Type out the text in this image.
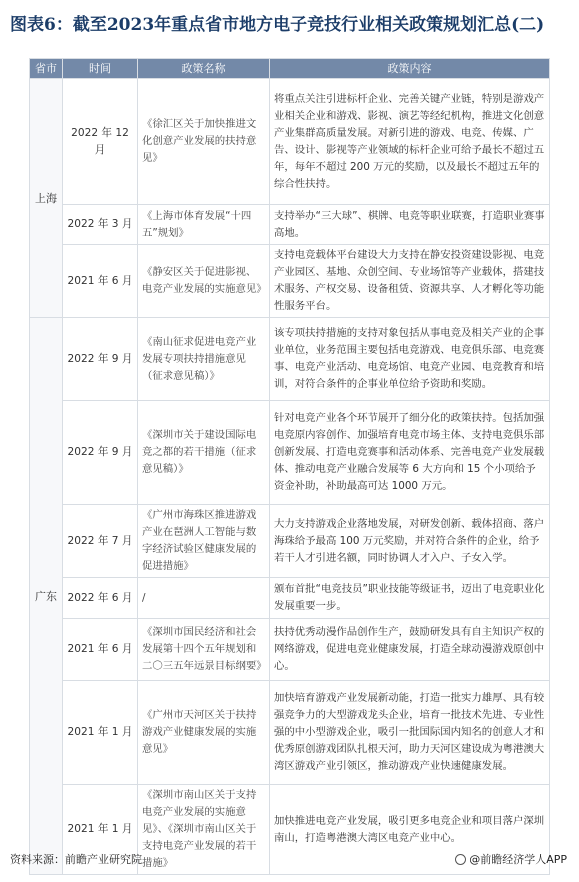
图表6：截至2023年重点省市地方电子竞技行业相关政策规划汇总(二)
省市	时间	政策名称	政策内容
上海	2022 年 12 月	《徐汇区关于加快推进文化创意产业发展的扶持意见》	将重点关注引进标杆企业、完善关键产业链，特别是游戏产业相关企业和游戏、影视、演艺等经纪机构，推进文化创意产业集群高质量发展。对新引进的游戏、电竞、传媒、广告、设计、影视等产业领域的标杆企业可给予最长不超过五年，每年不超过 200 万元的奖励，以及最长不超过五年的综合性扶持。
	2022 年 3 月	《上海市体育发展“十四五”规划》	支持举办“三大球”、棋牌、电竞等职业联赛，打造职业赛事高地。
	2021 年 6 月	《静安区关于促进影视、电竞产业发展的实施意见》	支持电竞载体平台建设大力支持在静安投资建设影视、电竞产业园区、基地、众创空间、专业场馆等产业载体，搭建技术服务、产权交易、设备租赁、资源共享、人才孵化等功能性服务平台。
广东	2022 年 9 月	《南山征求促进电竞产业发展专项扶持措施意见（征求意见稿）》	该专项扶持措施的支持对象包括从事电竞及相关产业的企事业单位，业务范围主要包括电竞游戏、电竞俱乐部、电竞赛事、电竞产业活动、电竞场馆、电竞产业园、电竞教育和培训，对符合条件的企事业单位给予资助和奖励。
	2022 年 9 月	《深圳市关于建设国际电竞之都的若干措施（征求意见稿）》	针对电竞产业各个环节展开了细分化的政策扶持。包括加强电竞原内容创作、加强培育电竞市场主体、支持电竞俱乐部创新发展、打造电竞赛事和活动体系、完善电竞产业发展载体、推动电竞产业融合发展等 6 大方向和 15 个小项给予资金补助，补助最高可达 1000 万元。
	2022 年 7 月	《广州市海珠区推进游戏产业在琶洲人工智能与数字经济试验区健康发展的促进措施》	大力支持游戏企业落地发展，对研发创新、载体招商、落户海珠给予最高 100 万元奖励，并对符合条件的企业，给予若干人才引进名额，同时协调人才入户、子女入学。
	2022 年 6 月	/	颁布首批“电竞技员”职业技能等级证书，迈出了电竞职业化发展重要一步。
	2021 年 6 月	《深圳市国民经济和社会发展第十四个五年规划和二〇三五年远景目标纲要》	扶持优秀动漫作品创作生产，鼓励研发具有自主知识产权的网络游戏，促进电竞业健康发展，打造全球动漫游戏原创中心。
	2021 年 1 月	《广州市天河区关于扶持游戏产业健康发展的实施意见》	加快培育游戏产业发展新动能，打造一批实力雄厚、具有较强竞争力的大型游戏龙头企业，培育一批技术先进、专业性强的中小型游戏企业，吸引一批国际国内知名的创意人才和优秀原创游戏团队扎根天河，助力天河区建设成为粤港澳大湾区游戏产业引领区，推动游戏产业快速健康发展。
	2021 年 1 月	《深圳市南山区关于支持电竞产业发展的实施意见》、《深圳市南山区关于支持电竞产业发展的若干措施》	加快推进电竞产业发展，吸引更多电竞企业和项目落户深圳南山，打造粤港澳大湾区电竞产业中心。
资料来源：前瞻产业研究院	@前瞻经济学人APP
